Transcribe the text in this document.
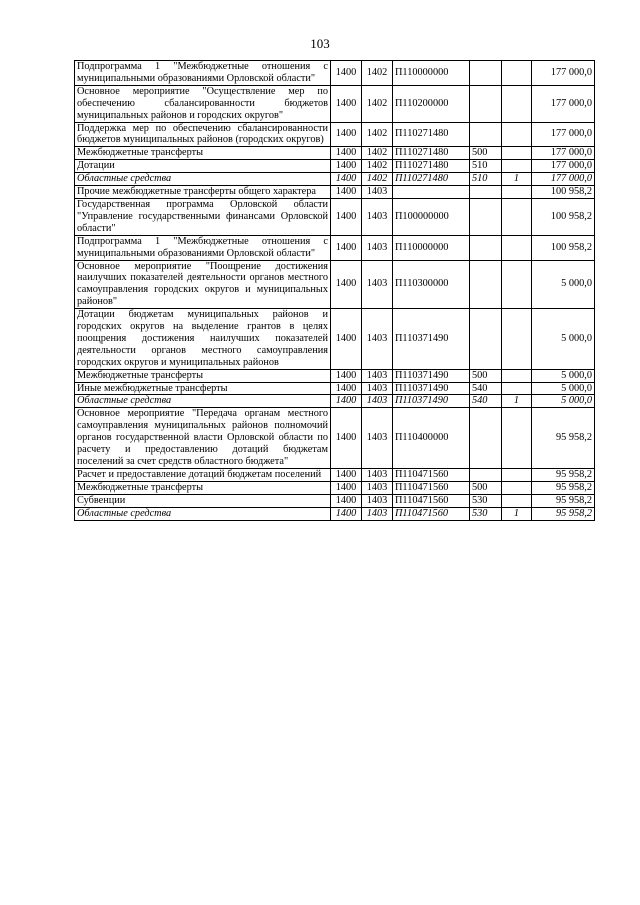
103
Подпрограмма 1 "Межбюджетные отношения с муниципальными образованиями Орловской области"	1400	1402	П110000000			177 000,0
Основное мероприятие "Осуществление мер по обеспечению сбалансированности бюджетов муниципальных районов и городских округов"	1400	1402	П110200000			177 000,0
Поддержка мер по обеспечению сбалансированности бюджетов муниципальных районов (городских округов)	1400	1402	П110271480			177 000,0
Межбюджетные трансферты	1400	1402	П110271480	500		177 000,0
Дотации	1400	1402	П110271480	510		177 000,0
Областные средства	1400	1402	П110271480	510	1	177 000,0
Прочие межбюджетные трансферты общего характера	1400	1403				100 958,2
Государственная программа Орловской области "Управление государственными финансами Орловской области"	1400	1403	П100000000			100 958,2
Подпрограмма 1 "Межбюджетные отношения с муниципальными образованиями Орловской области"	1400	1403	П110000000			100 958,2
Основное мероприятие "Поощрение достижения наилучших показателей деятельности органов местного самоуправления городских округов и муниципальных районов"	1400	1403	П110300000			5 000,0
Дотации бюджетам муниципальных районов и городских округов на выделение грантов в целях поощрения достижения наилучших показателей деятельности органов местного самоуправления городских округов и муниципальных районов	1400	1403	П110371490			5 000,0
Межбюджетные трансферты	1400	1403	П110371490	500		5 000,0
Иные межбюджетные трансферты	1400	1403	П110371490	540		5 000,0
Областные средства	1400	1403	П110371490	540	1	5 000,0
Основное мероприятие "Передача органам местного самоуправления муниципальных районов полномочий органов государственной власти Орловской области по расчету и предоставлению дотаций бюджетам поселений за счет средств областного бюджета"	1400	1403	П110400000			95 958,2
Расчет и предоставление дотаций бюджетам поселений	1400	1403	П110471560			95 958,2
Межбюджетные трансферты	1400	1403	П110471560	500		95 958,2
Субвенции	1400	1403	П110471560	530		95 958,2
Областные средства	1400	1403	П110471560	530	1	95 958,2
